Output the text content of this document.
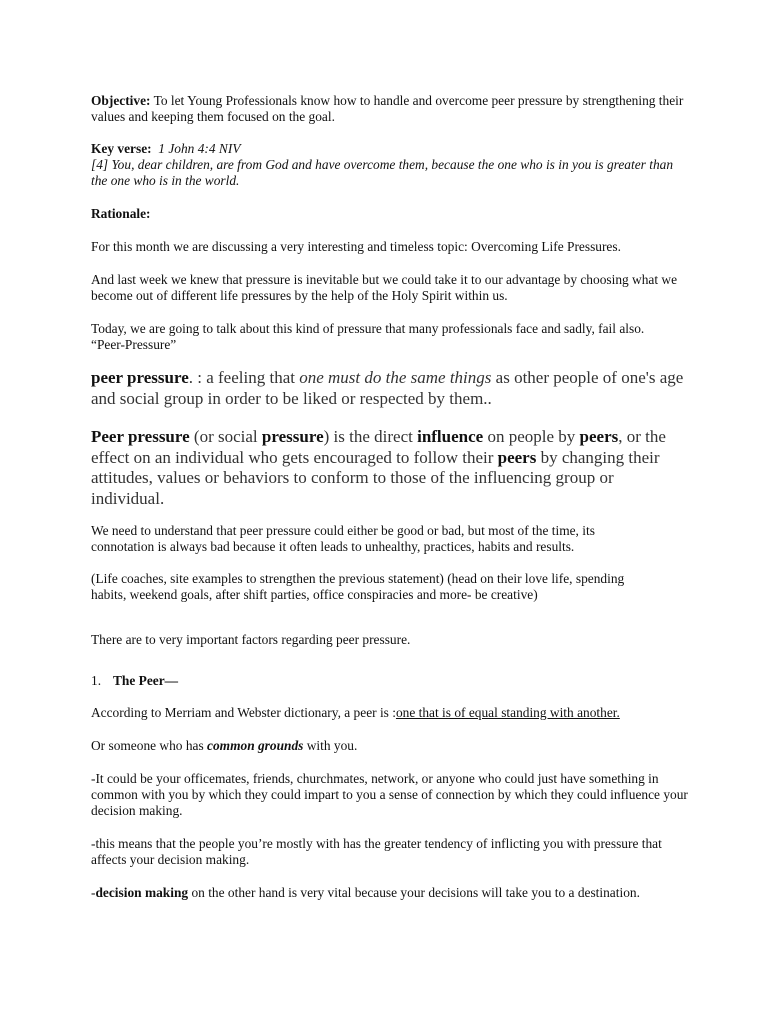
Objective: To let Young Professionals know how to handle and overcome peer pressure by strengthening their values and keeping them focused on the goal.

Key verse:  1 John 4:4 NIV

[4] You, dear children, are from God and have overcome them, because the one who is in you is greater than the one who is in the world.

Rationale:

For this month we are discussing a very interesting and timeless topic: Overcoming Life Pressures.

And last week we knew that pressure is inevitable but we could take it to our advantage by choosing what we become out of different life pressures by the help of the Holy Spirit within us.

Today, we are going to talk about this kind of pressure that many professionals face and sadly, fail also.
“Peer-Pressure”

peer pressure. : a feeling that one must do the same things as other people of one's age and social group in order to be liked or respected by them..

Peer pressure (or social pressure) is the direct influence on people by peers, or the effect on an individual who gets encouraged to follow their peers by changing their attitudes, values or behaviors to conform to those of the influencing group or individual.

We need to understand that peer pressure could either be good or bad, but most of the time, its connotation is always bad because it often leads to unhealthy, practices, habits and results.

(Life coaches, site examples to strengthen the previous statement) (head on their love life, spending habits, weekend goals, after shift parties, office conspiracies and more- be creative)

There are to very important factors regarding peer pressure.

1. The Peer—

According to Merriam and Webster dictionary, a peer is :one that is of equal standing with another.

Or someone who has common grounds with you.

-It could be your officemates, friends, churchmates, network, or anyone who could just have something in common with you by which they could impart to you a sense of connection by which they could influence your decision making.

-this means that the people you’re mostly with has the greater tendency of inflicting you with pressure that affects your decision making.

-decision making on the other hand is very vital because your decisions will take you to a destination.
